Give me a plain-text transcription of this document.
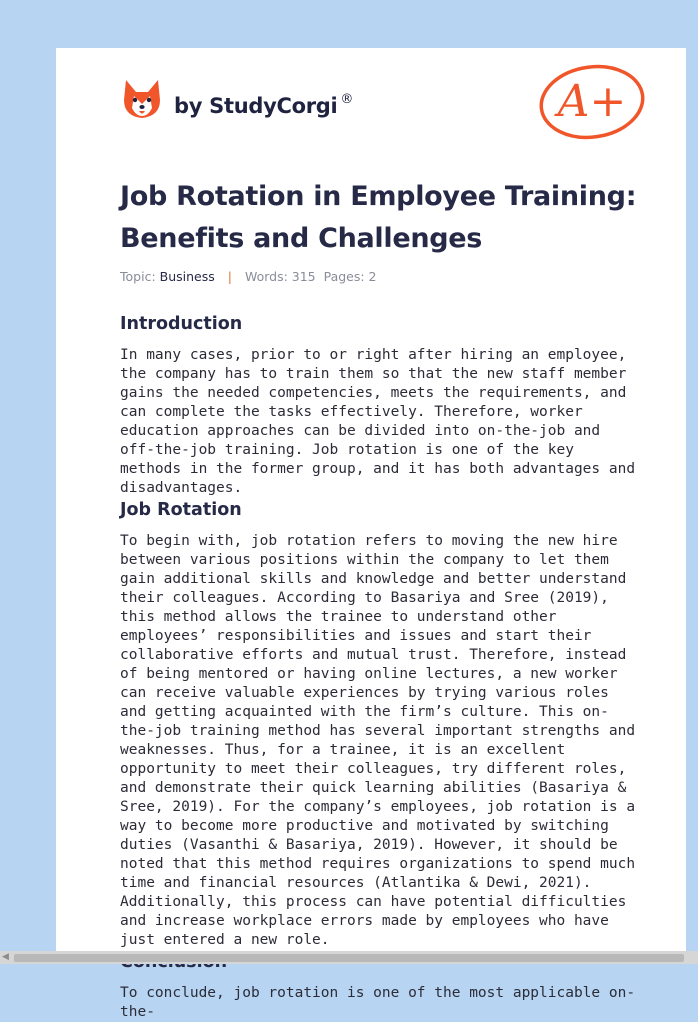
by StudyCorgi ®	A+
Job Rotation in Employee Training: Benefits and Challenges
Topic: Business | Words: 315 Pages: 2
Introduction

In many cases, prior to or right after hiring an employee, the company has to train them so that the new staff member gains the needed competencies, meets the requirements, and can complete the tasks effectively. Therefore, worker education approaches can be divided into on-the-job and off-the-job training. Job rotation is one of the key methods in the former group, and it has both advantages and disadvantages.

Job Rotation

To begin with, job rotation refers to moving the new hire between various positions within the company to let them gain additional skills and knowledge and better understand their colleagues. According to Basariya and Sree (2019), this method allows the trainee to understand other employees’ responsibilities and issues and start their collaborative efforts and mutual trust. Therefore, instead of being mentored or having online lectures, a new worker can receive valuable experiences by trying various roles and getting acquainted with the firm’s culture. This on-the-job training method has several important strengths and weaknesses. Thus, for a trainee, it is an excellent opportunity to meet their colleagues, try different roles, and demonstrate their quick learning abilities (Basariya & Sree, 2019). For the company’s employees, job rotation is a way to become more productive and motivated by switching duties (Vasanthi & Basariya, 2019). However, it should be noted that this method requires organizations to spend much time and financial resources (Atlantika & Dewi, 2021). Additionally, this process can have potential difficulties and increase workplace errors made by employees who have just entered a new role.

To conclude, job rotation is one of the most applicable on-the-

◀
